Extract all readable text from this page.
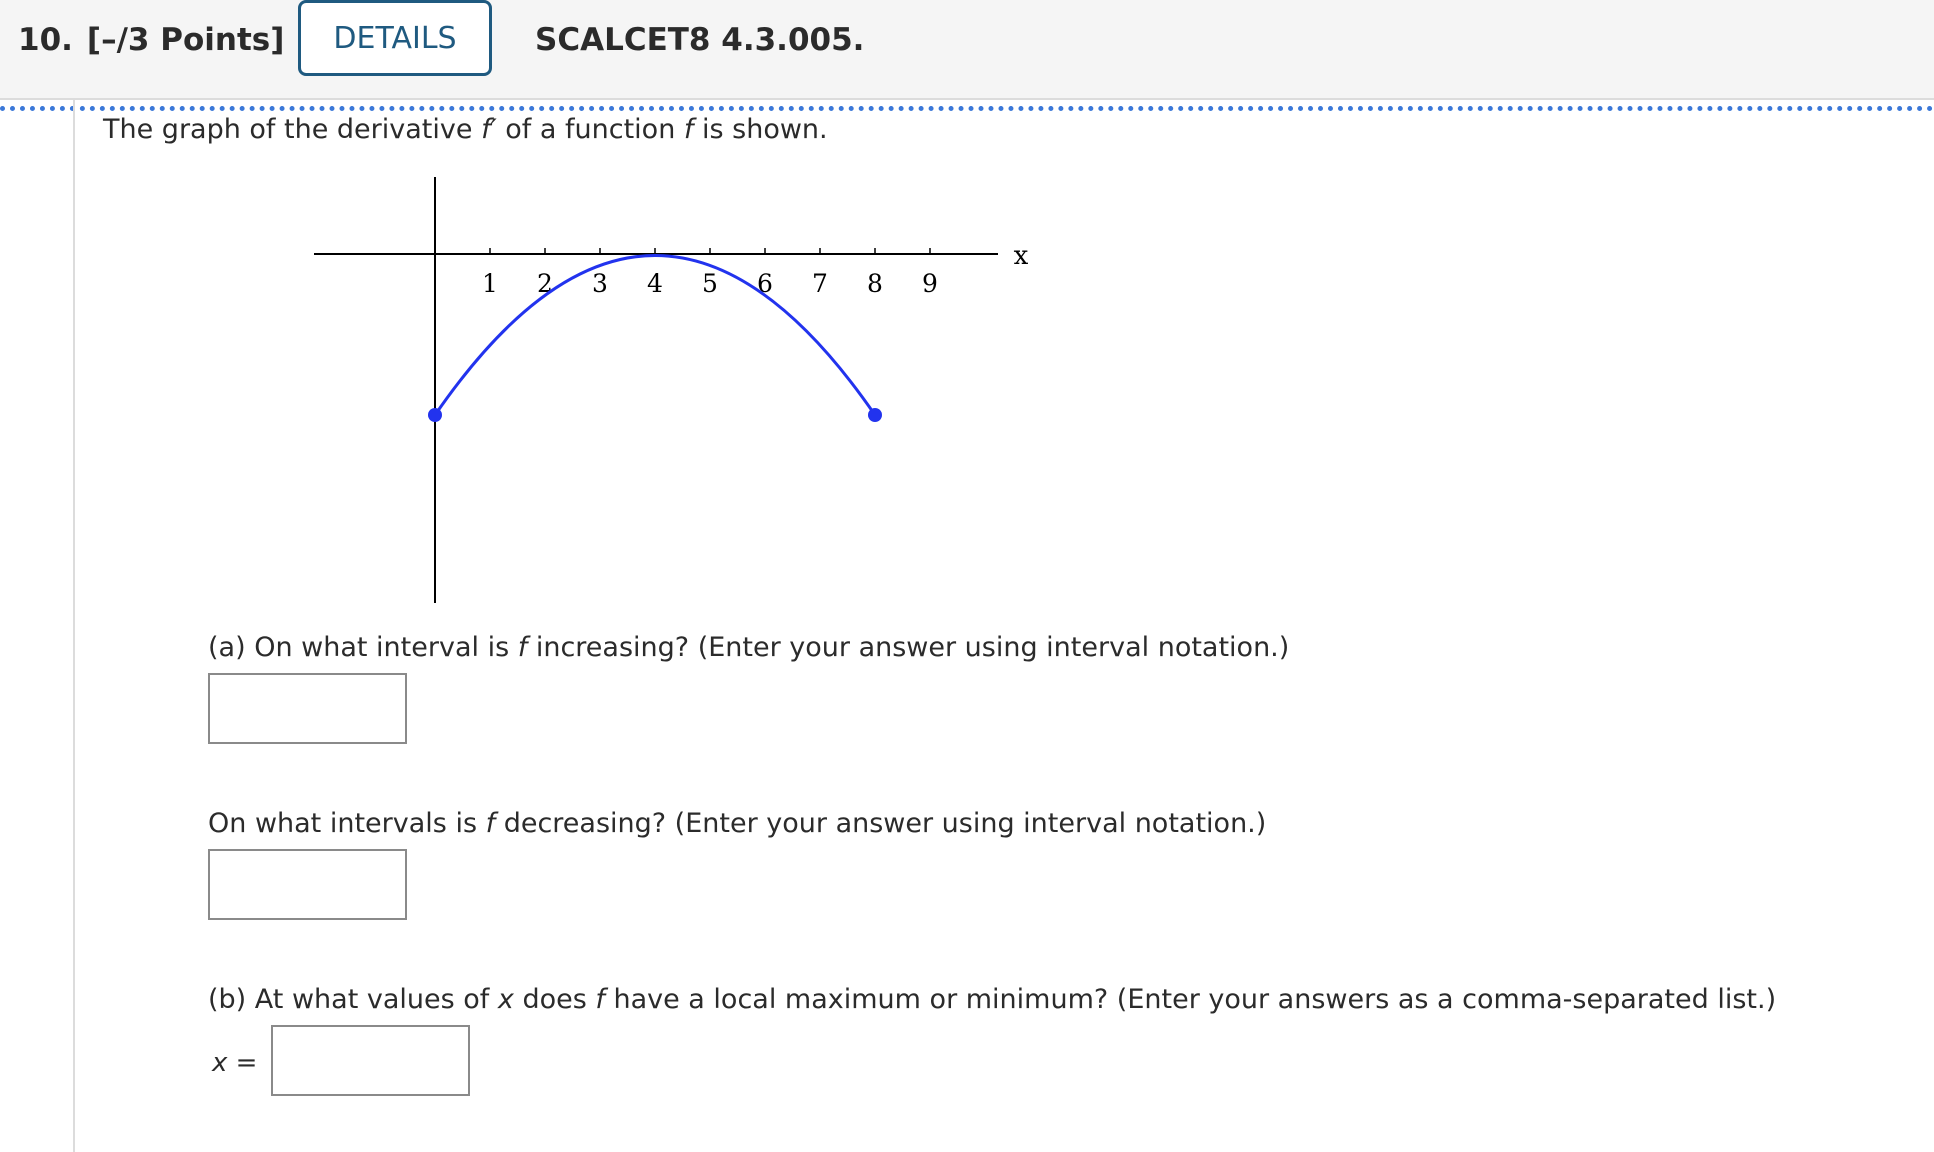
10. [–/3 Points]	DETAILS	SCALCET8 4.3.005.
The graph of the derivative f′ of a function f is shown.
1 2 3 4 5 6 7 8 9
x
(a) On what interval is f increasing? (Enter your answer using interval notation.)
On what intervals is f decreasing? (Enter your answer using interval notation.)
(b) At what values of x does f have a local maximum or minimum? (Enter your answers as a comma-separated list.)
x =
